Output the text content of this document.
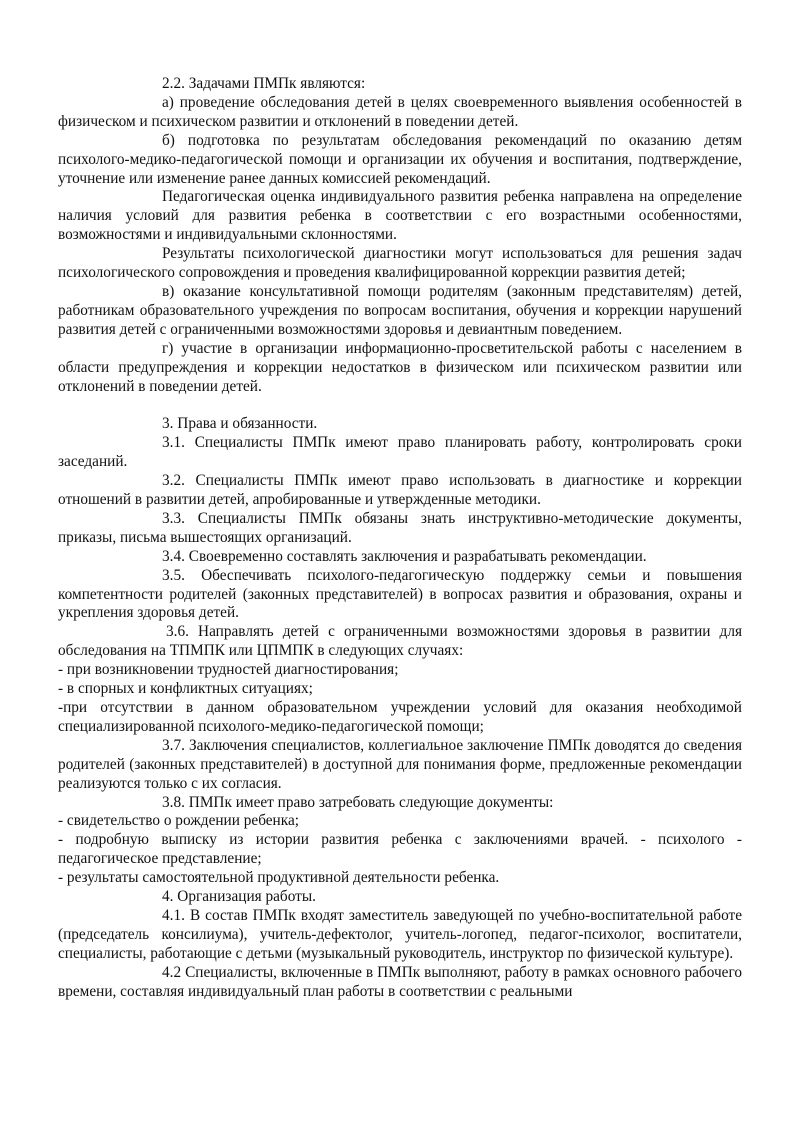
2.2. Задачами ПМПк являются:

а) проведение обследования детей в целях своевременного выявления особенностей в физическом и психическом развитии и отклонений в поведении детей.

б) подготовка по результатам обследования рекомендаций по оказанию детям психолого-медико-педагогической помощи и организации их обучения и воспитания, подтверждение, уточнение или изменение ранее данных комиссией рекомендаций.

Педагогическая оценка индивидуального развития ребенка направлена на определение наличия условий для развития ребенка в соответствии с его возрастными особенностями, возможностями и индивидуальными склонностями.

Результаты психологической диагностики могут использоваться для решения задач психологического сопровождения и проведения квалифицированной коррекции развития детей;

в) оказание консультативной помощи родителям (законным представителям) детей, работникам образовательного учреждения по вопросам воспитания, обучения и коррекции нарушений развития детей с ограниченными возможностями здоровья и девиантным поведением.

г) участие в организации информационно-просветительской работы с населением в области предупреждения и коррекции недостатков в физическом или психическом развитии или отклонений в поведении детей.

3. Права и обязанности.

3.1. Специалисты ПМПк имеют право планировать работу, контролировать сроки заседаний.

3.2. Специалисты ПМПк имеют право использовать в диагностике и коррекции отношений в развитии детей, апробированные и утвержденные методики.

3.3. Специалисты ПМПк обязаны знать инструктивно-методические документы, приказы, письма вышестоящих организаций.

3.4. Своевременно составлять заключения и разрабатывать рекомендации.

3.5. Обеспечивать психолого-педагогическую поддержку семьи и повышения компетентности родителей (законных представителей) в вопросах развития и образования, охраны и укрепления здоровья детей.

3.6. Направлять детей с ограниченными возможностями здоровья в развитии для обследования на ТПМПК или ЦПМПК в следующих случаях:

- при возникновении трудностей диагностирования;

- в спорных и конфликтных ситуациях;

-при отсутствии в данном образовательном учреждении условий для оказания необходимой специализированной психолого-медико-педагогической помощи;

3.7. Заключения специалистов, коллегиальное заключение ПМПк доводятся до сведения родителей (законных представителей) в доступной для понимания форме, предложенные рекомендации реализуются только с их согласия.

3.8. ПМПк имеет право затребовать следующие документы:

- свидетельство о рождении ребенка;

- подробную выписку из истории развития ребенка с заключениями врачей. - психолого - педагогическое представление;

- результаты самостоятельной продуктивной деятельности ребенка.

4. Организация работы.

4.1. В состав ПМПк входят заместитель заведующей по учебно-воспитательной работе (председатель консилиума), учитель-дефектолог, учитель-логопед, педагог-психолог, воспитатели, специалисты, работающие с детьми (музыкальный руководитель, инструктор по физической культуре).

4.2 Специалисты, включенные в ПМПк выполняют, работу в рамках основного рабочего времени, составляя индивидуальный план работы в соответствии с реальными
